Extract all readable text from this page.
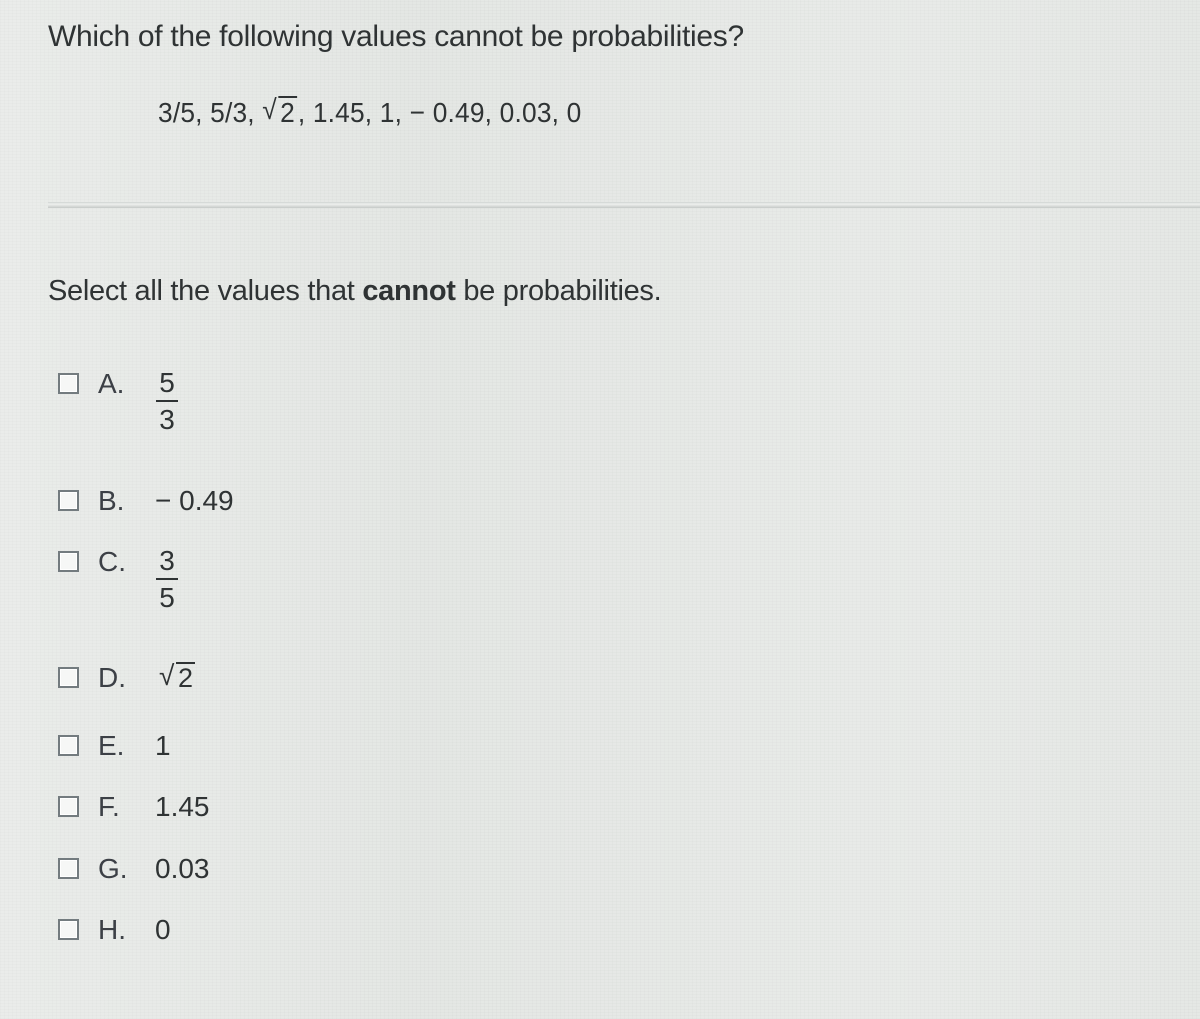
Which of the following values cannot be probabilities?
3/5, 5/3, √ 2 , 1.45, 1, − 0.49, 0.03, 0
Select all the values that cannot be probabilities.
A. 5
3
B. − 0.49
C. 3
5
D.
√	2
E. 1
F. 1.45
G. 0.03
H. 0
